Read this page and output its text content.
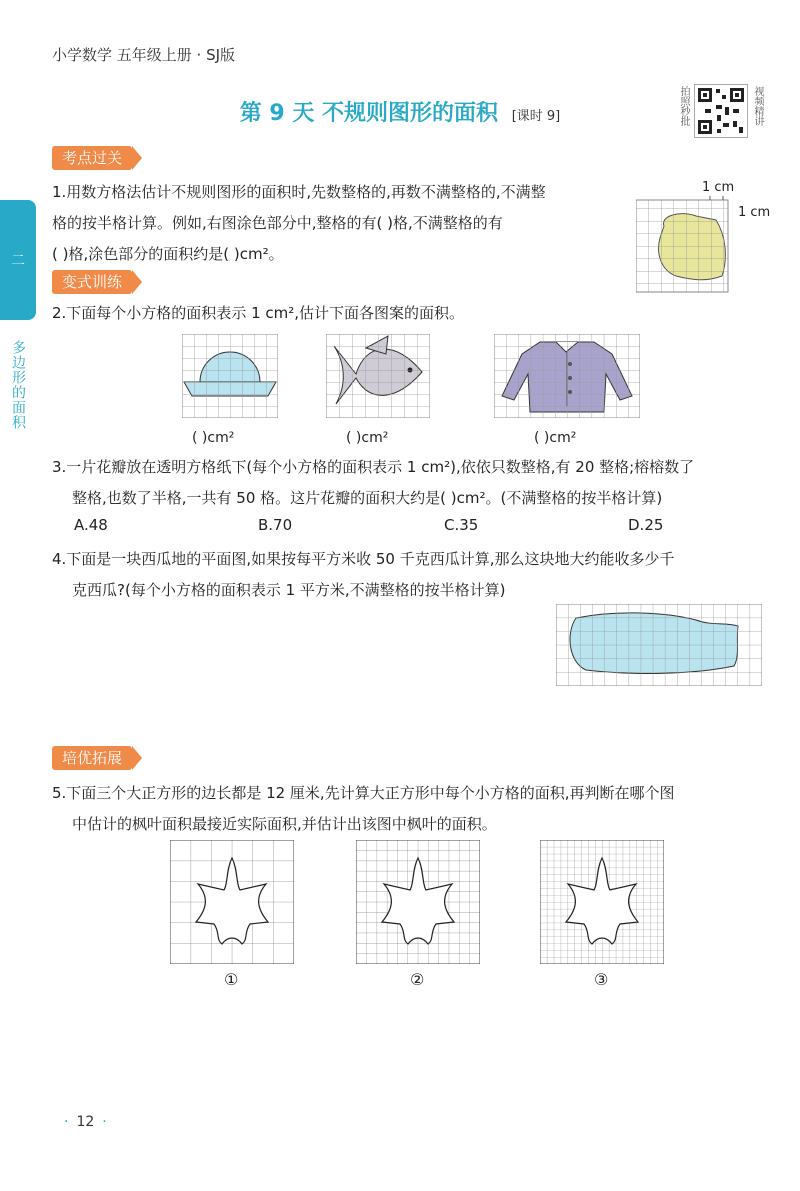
小学数学 五年级上册 · SJ版
第 9 天 不规则图形的面积 [课时 9]	拍照秒批	视频精讲
二
多边形的面积
考点过关
1.用数方格法估计不规则图形的面积时,先数整格的,再数不满整格的,不满整
格的按半格计算。例如,右图涂色部分中,整格的有( )格,不满整格的有
( )格,涂色部分的面积约是( )cm²。
1 cm
1 cm
变式训练
2.下面每个小方格的面积表示 1 cm²,估计下面各图案的面积。
( )cm²	( )cm²	( )cm²
3.一片花瓣放在透明方格纸下(每个小方格的面积表示 1 cm²),依依只数整格,有 20 整格;榕榕数了
整格,也数了半格,一共有 50 格。这片花瓣的面积大约是( )cm²。(不满整格的按半格计算)
A.48	B.70	C.35	D.25
4.下面是一块西瓜地的平面图,如果按每平方米收 50 千克西瓜计算,那么这块地大约能收多少千
克西瓜?(每个小方格的面积表示 1 平方米,不满整格的按半格计算)
培优拓展
5.下面三个大正方形的边长都是 12 厘米,先计算大正方形中每个小方格的面积,再判断在哪个图
中估计的枫叶面积最接近实际面积,并估计出该图中枫叶的面积。
①	②	③
· 12 ·
